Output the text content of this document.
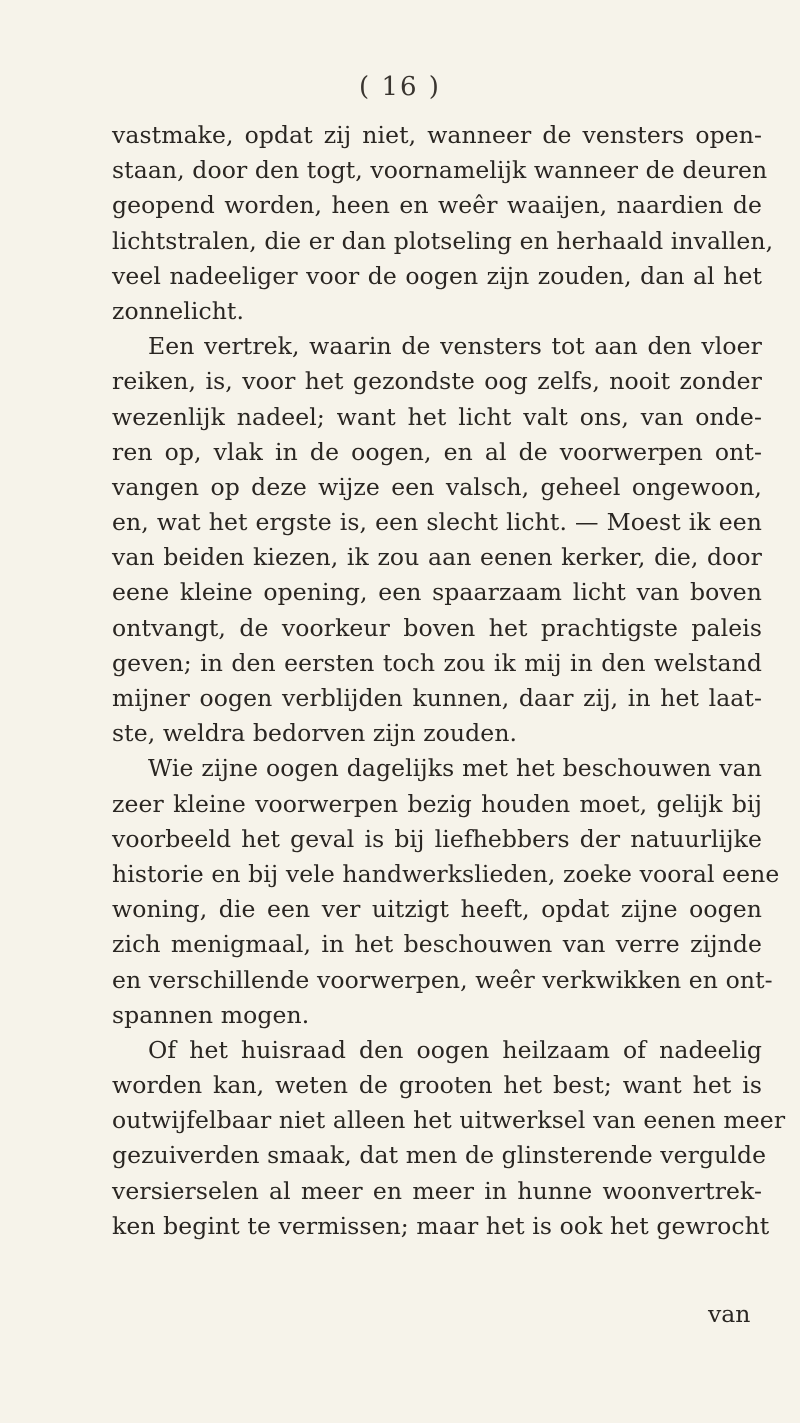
( 16 )
vastmake, opdat zij niet, wanneer de vensters open-
staan, door den togt, voornamelijk wanneer de deuren
geopend worden, heen en weêr waaijen, naardien de
lichtstralen, die er dan plotseling en herhaald invallen,
veel nadeeliger voor de oogen zijn zouden, dan al het
zonnelicht.
Een vertrek, waarin de vensters tot aan den vloer
reiken, is, voor het gezondste oog zelfs, nooit zonder
wezenlijk nadeel; want het licht valt ons, van onde-
ren op, vlak in de oogen, en al de voorwerpen ont-
vangen op deze wijze een valsch, geheel ongewoon,
en, wat het ergste is, een slecht licht. — Moest ik een
van beiden kiezen, ik zou aan eenen kerker, die, door
eene kleine opening, een spaarzaam licht van boven
ontvangt, de voorkeur boven het prachtigste paleis
geven; in den eersten toch zou ik mij in den welstand
mijner oogen verblijden kunnen, daar zij, in het laat-
ste, weldra bedorven zijn zouden.
Wie zijne oogen dagelijks met het beschouwen van
zeer kleine voorwerpen bezig houden moet, gelijk bij
voorbeeld het geval is bij liefhebbers der natuurlijke
historie en bij vele handwerkslieden, zoeke vooral eene
woning, die een ver uitzigt heeft, opdat zijne oogen
zich menigmaal, in het beschouwen van verre zijnde
en verschillende voorwerpen, weêr verkwikken en ont-
spannen mogen.
Of het huisraad den oogen heilzaam of nadeelig
worden kan, weten de grooten het best; want het is
outwijfelbaar niet alleen het uitwerksel van eenen meer
gezuiverden smaak, dat men de glinsterende vergulde
versierselen al meer en meer in hunne woonvertrek-
ken begint te vermissen; maar het is ook het gewrocht
van
